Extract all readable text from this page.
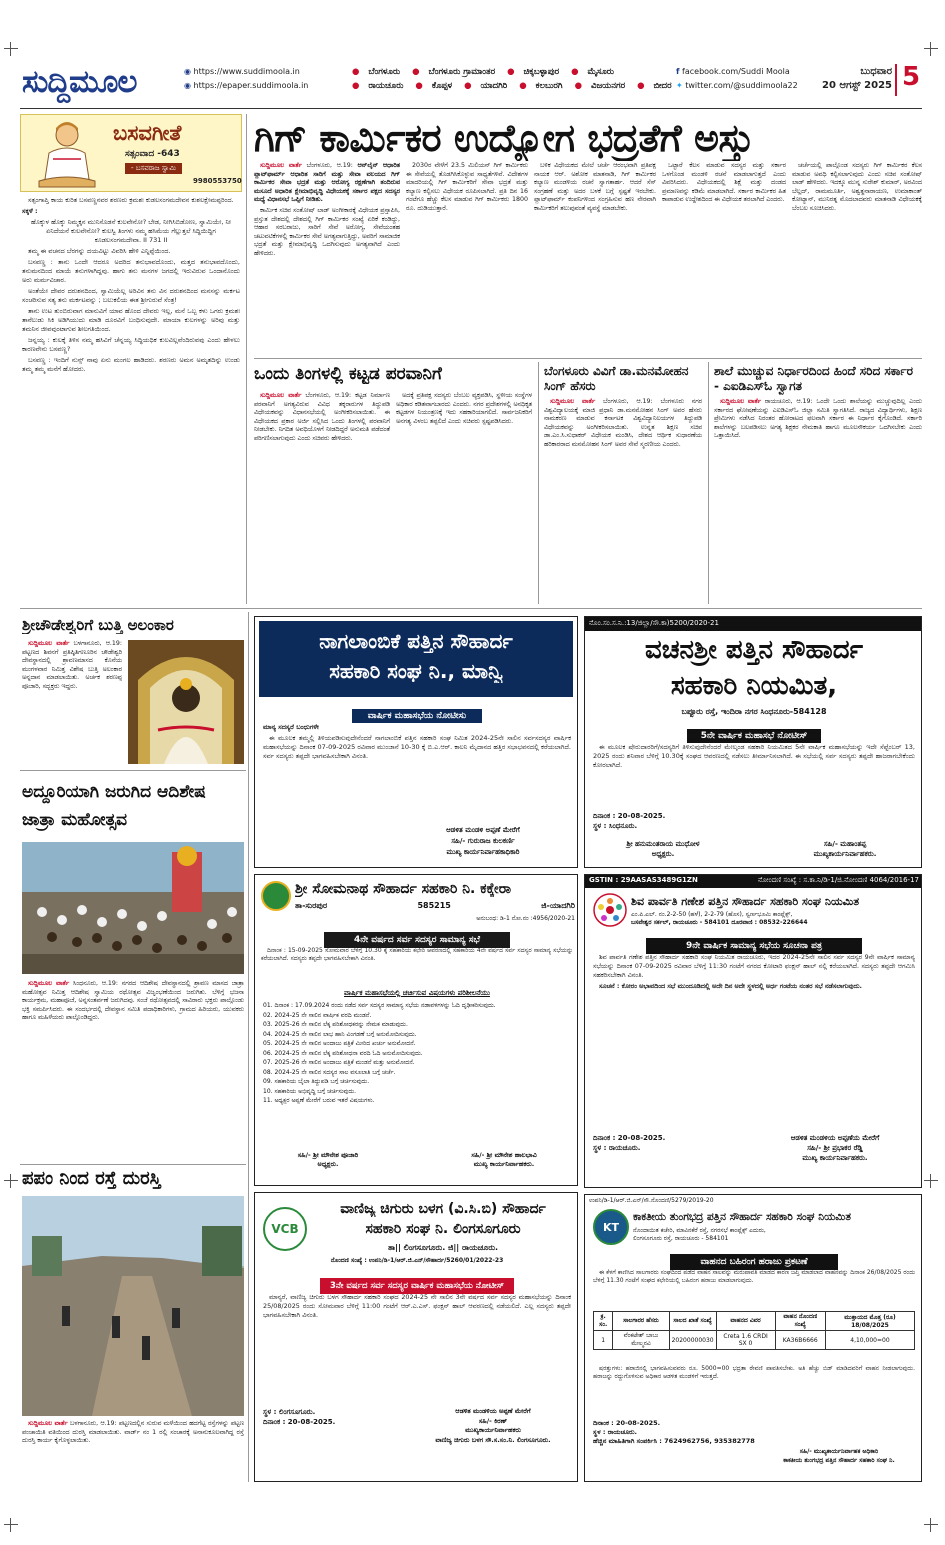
ಸುದ್ದಿಮೂಲ	◉ https://www.suddimoola.in
◉ https://epaper.suddimoola.in
● ಬೆಂಗಳೂರು ● ಬೆಂಗಳೂರು ಗ್ರಾಮಾಂತರ ● ಚಿಕ್ಕಬಳ್ಳಾಪುರ ● ಮೈಸೂರು
● ರಾಯಚೂರು ● ಕೊಪ್ಪಳ ● ಯಾದಗಿರಿ ● ಕಲಬುರಗಿ ● ವಿಜಯನಗರ ● ಬೀದರ
f facebook.com/Suddi Moola
✦ twitter.com/@suddimoola22
ಬುಧವಾರ
20 ಆಗಸ್ಟ್ 2025 5
ಬಸವಗೀತೆ
ಸತ್ಸಂವಾದ -643
- ಬಸವರಾಜ ಸ್ವಾಮಿ
9980553750

ಸತ್ಸಂಗಾಪ್ತಿ ಕಾಯ ಕುರಿತ ಬಸವಣ್ಣನವರ ಶರಣರು ಕ್ರಮಶಃ ಕುಡಲಸಂಗಮದೇವನ ಕುಶಲಕ್ಷೇಮಪ್ಪರಿಂದ.

ಸಕ್ಕಳೆ :

ಹೊಕ್ಕುಳ ಹೊಕ್ಕು ನಿಮ್ಮಕ್ಕನ ಮುನಿಸೊಡನೆ ಕುಲವೇನೋ? ಬೇಡ, ನೀಗಿಸಿಬಿಡೋಣ, ಸ್ವಾಮಿಯೇ, ನೀ ಏನಿದೆಯನೆ ಕುಲವೇನೋ? ಕುಲಸ್ವಿ ತಿಂಗಳು ನಮ್ಮ ಹಸಿಮೆಯ ಗೆಲ್ಲುತ್ತಲೆ ಸಿದ್ಧಿಯಿದ್ಧಿಗ ಕೂಡಲಸಂಗಮದೇವಾ. II 731 II

ತಮ್ಮ ಈ ವಚನದ ಬೆರಗನ್ನು ದಯವಿಟ್ಟು ವಿವರಿಸಿ ಹೇಳಿ ಎನ್ನಿಪ್ಪೆಯಿಂದ.

ಬಸವಣ್ಣ : ತಾನು ಒಂದೇ ಆದರೂ ಅದರಿದ ತನುಭಾವದೊಂದು, ಮತ್ತದ ತನುಭಾವದೊಂದು, ತನುಮನದಿಂದ ಮಾಯೆ ತನುಗಳಾಗಿದ್ದವು. ಹಾಗು ತನು ಮನಗಳ ಜಗದಲ್ಲಿ ಇರುವಿರುವ ಒಂದಾನೊಂದು ಅರು ಮರ್ಮವಿಚಾರ.

ಅಂತೆಯೇ ದೇವರ ದರುಶನದಿಂದ, ಸ್ವಾಮಿಯೆಲ್ಲ ಅರಿವಿನ ತನು ವಿನ ದರುಶನದಿಂದ ಮನಸನ್ನು ಮರ್ಕಟ ಸಂಚರಿಸುವ ಸತ್ಯ ತನು ಮರ್ಕಟವನ್ನು ; ಬಲುಕಲಿಯ ಈತ ಶ್ರೀಗುರುವೆ ಸೆಂತ್ರ!

ತಾನು ಉಟ ತುಂಬಿರುವಾಗ ಮಾನುವಿಗೆ ಯಾವ ಹೊಂದ ದೇವರು ಇಲ್ಲ, ಮನೆ ಒಬ್ಬ ಕಳು ಒಗರು ಕ್ರಮಶಃ ತಾನೆಲುಡು ಸಿಕಿ ಅಡಿಗಿಯುದು ಮಾಡಿ ದೂರವಿಗೆ ಬಂಧಿಸುವುದೇ. ಮಾಯಾ ಕುಲಗಳನ್ನು ಅರಿವು ಮತ್ತು ತಮನಿನ ಜೀವವುಂಟಾಗುವ ಶೀಲಗತಿಯಿಂದ.

ಜನ್ನಯ್ಯ : ಕುಲಕ್ಕೆ ತಿಳಿಸ ನಮ್ಮ ಹಸಿವಿಗೆ ಚೆನ್ನಯ್ಯ ಸಿದ್ಧಿಯಧಿಕ ಕುಲವಿಲ್ಲವೆಂದಿರುವವು ಎಂದು ಹೇಳಲು ಕಾರಣವೇನು ಬಸವಣ್ಣ?

ಬಸವಣ್ಣ : ಇಂದಿಗೆ ನುಸ್ಸ್ ನಾವು ಏನು ಮಂಗಲ ಹಾಡಿದರು. ಶರಣರು ಅಮನ ಅಮೃತದಿನ್ನು ಉಂಡು ತಮ್ಮ ತಮ್ಮ ಮನೆಗೆ ಹೋದರು.

ಗಿಗ್ ಕಾರ್ಮಿಕರ ಉದ್ಯೋಗ ಭದ್ರತೆಗೆ ಅಸ್ತು

ಸುದ್ದಿಮೂಲ ವಾರ್ತೆ ಬೆಂಗಳೂರು, ಆ.19: ಆನ್‌ಲೈನ್ ಆಧಾರಿತ ಪ್ಲಾಟ್‌ಫಾರ್ಮ್ ಆಧಾರಿತ ಸಾರಿಗೆ ಮತ್ತು ಸೇವಾ ವಲಯದ ಗಿಗ್ ಕಾರ್ಮಿಕರ ಸೇವಾ ಭದ್ರತೆ ಮತ್ತು ಆರೋಗ್ಯ ರಕ್ಷಣೆಗಾಗಿ ತಂದಿರುವ ಮಸೂದೆ ಅಧಾರಿತ ಕ್ಷೇಮಾಭಿವೃದ್ಧಿ ವಿಧೇಯಕಕ್ಕೆ ಸರ್ಕಾರ ಪಕ್ಷದ ಸದಸ್ಯರ ಮಧ್ಯೆ ವಿಧಾನಸಭೆ ಒಪ್ಪಿಗೆ ನೀಡಿತು.

ಕಾರ್ಮಿಕ ಸಚಿವ ಸಂತೋಷ್ ಲಾಡ್ ಅಂಗೀಕಾರಕ್ಕೆ ವಿಧೇಯಕ ಪ್ರಸ್ತಾಪಿಸಿ, ಪ್ರಸ್ತುತ ದೇಶದಲ್ಲಿ ದೇಶದಲ್ಲಿ ಗಿಗ್ ಕಾರ್ಮಿಕರ ಸಂಖ್ಯೆ ಏರಿಕೆ ಕಂಡಿದ್ದು, ಆಹಾರ ಸರಬರಾಜು, ಸಾರಿಗೆ ಸೇವೆ ಅರೋಗ್ಯ, ಸೇವೆಯಂತಹ ಚಟುವಟಿಕೆಗಳಲ್ಲಿ ಕಾರ್ಮಿಕರ ಸೇವೆ ಅಗತ್ಯವಾಗುತ್ತಿದ್ದು, ಅವರಿಗೆ ಸಾಮಾಜಿಕ ಭದ್ರತೆ ಮತ್ತು ಕ್ಷೇಮಾಭಿವೃದ್ಧಿ ಒದಗಿಸುವುದು ಅಗತ್ಯವಾಗಿದೆ ಎಂದು ಹೇಳಿದರು.

2030ರ ವೇಳೆಗೆ 23.5 ಮಿಲಿಯನ್ ಗಿಗ್ ಕಾರ್ಮಿಕರು ಈ ಸೇವೆಯಲ್ಲಿ ತೊಡಗಿಸಿಕೊಳ್ಳುವ ಸಾಧ್ಯತೆಗಳಿವೆ. ವಿದೇಶಗಳ ಮಾದರಿಯಲ್ಲಿ ಗಿಗ್ ಕಾರ್ಮಿಕರಿಗೆ ಸೇವಾ ಭದ್ರತೆ ಮತ್ತು ಕಲ್ಯಾಣ ಕಲ್ಪಿಸಲು ವಿಧೇಯಕ ರೂಪಿಸಲಾಗಿದೆ. ಪ್ರತಿ ದಿನ 16 ಗಂಟೆಗೂ ಹೆಚ್ಚು ಕೆಲಸ ಮಾಡುವ ಗಿಗ್ ಕಾರ್ಮಿಕರು 1800 ರೂ. ದುಡಿಯುತ್ತಾರೆ.

ಬಳಿಕ ವಿಧೇಯಕದ ಮೇಲೆ ಚರ್ಚೆ ಆರಂಭವಾಗಿ ಪ್ರತಿಪಕ್ಷ ನಾಯಕ ಆರ್. ಅಶೋಕ ಮಾತನಾಡಿ, ಗಿಗ್ ಕಾರ್ಮಿಕರ ಕಲ್ಯಾಣ ಮಂಡಳಿಯ ರಚನೆ ಸ್ವಾಗತಾರ್ಹ. ಆದರೆ ಸೆಸ್ ಸಂಗ್ರಹಣೆ ಮತ್ತು ಅದರ ಬಳಕೆ ಬಗ್ಗೆ ಸ್ಪಷ್ಟತೆ ಇರಬೇಕು. ಪ್ಲಾಟ್‌ಫಾರ್ಮ್ ಕಂಪನಿಗಳಿಂದ ಸಂಗ್ರಹಿಸುವ ಹಣ ನೇರವಾಗಿ ಕಾರ್ಮಿಕರಿಗೆ ತಲುಪುವಂತೆ ವ್ಯವಸ್ಥೆ ಮಾಡಬೇಕು.

ಒಟ್ಟಾರೆ ಕೆಲಸ ಮಾಡುವ ಸದಸ್ಯರ ಮತ್ತು ಸರ್ಕಾರ ಒಳಗೊಂಡ ಮಂಡಳಿ ರಚನೆ ಮಾಡಲಾಗುತ್ತದೆ ಎಂದು ವಿವರಿಸಿದರು. ವಿಧೇಯಕದಲ್ಲಿ ಶಿಕ್ಷೆ ಮತ್ತು ದಂಡದ ಪ್ರಮಾಣವನ್ನು ಕಡಿಮೆ ಮಾಡಲಾಗಿದೆ. ಸರ್ಕಾರ ಕಾರ್ಮಿಕರ ಹಿತ ಕಾಪಾಡುವ ಉದ್ದೇಶದಿಂದ ಈ ವಿಧೇಯಕ ತರಲಾಗಿದೆ ಎಂದರು.

ಚರ್ಚೆಯಲ್ಲಿ ಪಾಲ್ಗೊಂಡ ಸದಸ್ಯರು ಗಿಗ್ ಕಾರ್ಮಿಕರ ಕೆಲಸ ಮಾಡುವ ಅವಧಿ ಕಲ್ಪಿಸಲಾಗುವುದು ಎಂದು ಸಚಿವ ಸಂತೋಷ್ ಲಾಡ್ ಹೇಳಿದರು. ಇದಕ್ಕೂ ಮುನ್ನ ಸುರೇಶ್ ಕುಮಾರ್, ಅರವಿಂದ ಬೆಲ್ಲದ್, ರಾಮಮೂರ್ತಿ, ಅಶ್ವತ್ಥನಾರಾಯಣ, ಉಮಾಕಾಂತ್ ಕೋಟ್ಯಾನ್, ಮುನಿರತ್ನ ಮೊದಲಾದವರು ಮಾತನಾಡಿ ವಿಧೇಯಕಕ್ಕೆ ಬೆಂಬಲ ಸೂಚಿಸಿದರು.

ಒಂದು ತಿಂಗಳಲ್ಲಿ ಕಟ್ಟಡ ಪರವಾನಿಗೆ

ಸುದ್ದಿಮೂಲ ವಾರ್ತೆ ಬೆಂಗಳೂರು, ಆ.19: ಕಟ್ಟಡ ನಿರ್ಮಾಣ ಪರವಾನಿಗೆ ಅಗತ್ಯವಿರುವ ವಿವಿಧ ತಕ್ಕರಾರುಗಳ ತಿದ್ದುಪಡಿ ವಿಧೇಯಕವನ್ನು ವಿಧಾನಸಭೆಯಲ್ಲಿ ಅಂಗೀಕರಿಸಲಾಯಿತು. ಈ ವಿಧೇಯಕದ ಪ್ರಕಾರ ಅರ್ಜಿ ಸಲ್ಲಿಸಿದ ಒಂದು ತಿಂಗಳಲ್ಲಿ ಪರವಾನಿಗೆ ನೀಡಬೇಕು. ನಿಗದಿತ ಅವಧಿಯೊಳಗೆ ನೀಡದಿದ್ದರೆ ಅನುಮತಿ ಪಡೆದಂತೆ ಪರಿಗಣಿಸಲಾಗುವುದು ಎಂದು ಸಚಿವರು ಹೇಳಿದರು.

ಅದಕ್ಕೆ ಪ್ರತಿಪಕ್ಷ ಸದಸ್ಯರು ಬೆಂಬಲ ವ್ಯಕ್ತಪಡಿಸಿ, ಸ್ಥಳೀಯ ಸಂಸ್ಥೆಗಳ ಅಧಿಕಾರ ಕಡಿತವಾಗಬಾರದು ಎಂದರು. ನಗರ ಪ್ರದೇಶಗಳಲ್ಲಿ ಅನಧಿಕೃತ ಕಟ್ಟಡಗಳ ನಿಯಂತ್ರಣಕ್ಕೆ ಇದು ಸಹಕಾರಿಯಾಗಲಿದೆ. ಸಾರ್ವಜನಿಕರಿಗೆ ಅನಗತ್ಯ ವಿಳಂಬ ತಪ್ಪಲಿದೆ ಎಂದು ಸಚಿವರು ಸ್ಪಷ್ಟಪಡಿಸಿದರು.

ಬೆಂಗಳೂರು ವಿವಿಗೆ ಡಾ.ಮನಮೋಹನ ಸಿಂಗ್ ಹೆಸರು

ಸುದ್ದಿಮೂಲ ವಾರ್ತೆ ಬೆಂಗಳೂರು, ಆ.19: ಬೆಂಗಳೂರು ನಗರ ವಿಶ್ವವಿದ್ಯಾಲಯಕ್ಕೆ ಮಾಜಿ ಪ್ರಧಾನಿ ಡಾ.ಮನಮೋಹನ ಸಿಂಗ್ ಅವರ ಹೆಸರು ನಾಮಕರಣ ಮಾಡುವ ಕರ್ನಾಟಕ ವಿಶ್ವವಿದ್ಯಾನಿಲಯಗಳ ತಿದ್ದುಪಡಿ ವಿಧೇಯಕವನ್ನು ಅಂಗೀಕರಿಸಲಾಯಿತು. ಉನ್ನತ ಶಿಕ್ಷಣ ಸಚಿವ ಡಾ.ಎಂ.ಸಿ.ಸುಧಾಕರ್ ವಿಧೇಯಕ ಮಂಡಿಸಿ, ದೇಶದ ಆರ್ಥಿಕ ಸುಧಾರಣೆಯ ಹರಿಕಾರರಾದ ಮನಮೋಹನ ಸಿಂಗ್ ಅವರ ಸೇವೆ ಸ್ಮರಣೀಯ ಎಂದರು.

ಶಾಲೆ ಮುಚ್ಚುವ ನಿರ್ಧಾರದಿಂದ ಹಿಂದೆ ಸರಿದ ಸರ್ಕಾರ - ಎಐಡಿಎಸ್‌ಓ ಸ್ವಾಗತ

ಸುದ್ದಿಮೂಲ ವಾರ್ತೆ ರಾಯಚೂರು, ಆ.19: ಒಂದೇ ಒಂದು ಶಾಲೆಯನ್ನು ಮುಚ್ಚುವುದಿಲ್ಲ ಎಂದು ಸರ್ಕಾರದ ಘೋಷಣೆಯನ್ನು ಎಐಡಿಎಸ್‌ಓ ಜಿಲ್ಲಾ ಸಮಿತಿ ಸ್ವಾಗತಿಸಿದೆ. ರಾಜ್ಯದ ವಿದ್ಯಾರ್ಥಿಗಳು, ಶಿಕ್ಷಣ ಪ್ರೇಮಿಗಳು ನಡೆಸಿದ ನಿರಂತರ ಹೋರಾಟದ ಫಲವಾಗಿ ಸರ್ಕಾರ ಈ ನಿರ್ಧಾರ ಕೈಗೊಂಡಿದೆ. ಸರ್ಕಾರಿ ಶಾಲೆಗಳನ್ನು ಬಲಪಡಿಸಲು ಅಗತ್ಯ ಶಿಕ್ಷಕರ ನೇಮಕಾತಿ ಹಾಗೂ ಮೂಲಸೌಕರ್ಯ ಒದಗಿಸಬೇಕು ಎಂದು ಒತ್ತಾಯಿಸಿದೆ.

ಶ್ರೀಚೌಡೇಶ್ವರಿಗೆ ಬುತ್ತಿ ಅಲಂಕಾರ

ಸುದ್ದಿಮೂಲ ವಾರ್ತೆ ಬಳಗಾನೂರು, ಆ.19: ಪಟ್ಟಣದ ಶಿವನಗೆ ಪ್ರತಿಷ್ಠಿತಿಗಣೂರಿನ ಚೌಡೇಶ್ವರಿ ದೇವಸ್ಥಾನದಲ್ಲಿ ಶ್ರಾವಣಮಾಸದ ಕೊನೆಯ ಮಂಗಳವಾರ ನಿಮಿತ್ತ ವಿಶೇಷ ಬುತ್ತಿ ಅಲಂಕಾರ ಅನ್ನದಾನ ಮಾಡಲಾಯಿತು. ಅರ್ಚಕ ಶರಣಪ್ಪ ಪೂಜಾರಿ, ಸದ್ಭಕ್ತರು ಇದ್ದರು.

ಅದ್ದೂರಿಯಾಗಿ ಜರುಗಿದ ಆದಿಶೇಷ ಜಾತ್ರಾ ಮಹೋತ್ಸವ

ಸುದ್ದಿಮೂಲ ವಾರ್ತೆ ಸಿಂಧನೂರು, ಆ.19: ನಗರದ ಆದಿಶೇಷ ದೇವಸ್ಥಾನದಲ್ಲಿ ಶ್ರಾವಣ ಮಾಸದ ಜಾತ್ರಾ ಮಹೋತ್ಸವ ನಿಮಿತ್ತ ಆದಿಶೇಷ ಸ್ವಾಮಿಯ ರಥೋತ್ಸವ ವಿಜೃಂಭಣೆಯಿಂದ ಜರುಗಿತು. ಬೆಳಿಗ್ಗೆ ಭಜನಾ ಕಾರ್ಯಕ್ರಮ, ಮಹಾಪೂಜೆ, ಅನ್ನಸಂತರ್ಪಣೆ ಜರುಗಿದವು. ಸಂಜೆ ರಥೋತ್ಸವದಲ್ಲಿ ಸಾವಿರಾರು ಭಕ್ತರು ಪಾಲ್ಗೊಂಡು ಭಕ್ತಿ ಸಮರ್ಪಿಸಿದರು. ಈ ಸಂದರ್ಭದಲ್ಲಿ ದೇವಸ್ಥಾನ ಸಮಿತಿ ಪದಾಧಿಕಾರಿಗಳು, ಗ್ರಾಮದ ಹಿರಿಯರು, ಯುವಕರು ಹಾಗೂ ಮಹಿಳೆಯರು ಪಾಲ್ಗೊಂಡಿದ್ದರು.

ಪಪಂ ನಿಂದ ರಸ್ತೆ ದುರಸ್ತಿ

ಸುದ್ದಿಮೂಲ ವಾರ್ತೆ ಬಳಗಾನೂರು, ಆ.19: ಪಟ್ಟಣದಲ್ಲಿನ ಸುರುವ ಮಳೆಯಿಂದ ಹದಗೆಟ್ಟ ರಸ್ತೆಗಳನ್ನು ಪಟ್ಟಣ ಪಂಚಾಯಿತಿ ವತಿಯಿಂದ ದುರಸ್ತಿ ಮಾಡಲಾಯಿತು. ವಾರ್ಡ್ ನಂ 1 ರಲ್ಲಿ ಸಂಚಾರಕ್ಕೆ ಅನಾನುಕೂಲವಾಗಿದ್ದ ರಸ್ತೆ ದುರಸ್ತಿ ಕಾರ್ಯ ಕೈಗೊಳ್ಳಲಾಯಿತು.

ನಾಗಲಾಂಬಿಕೆ ಪತ್ತಿನ ಸೌಹಾರ್ದ
ಸಹಕಾರಿ ಸಂಘ ನಿ., ಮಾನ್ವಿ
ವಾರ್ಷಿಕ ಮಹಾಸಭೆಯ ನೋಟೀಸು

ಮಾನ್ಯ ಸದಸ್ಯರೆ ಬಂಧುಗಳೇ

ಈ ಮೂಲಕ ತಮ್ಮಲ್ಲಿ ತಿಳಿಯಪಡಿಸುವುದೇನೆಂದರೆ ನಾಗಲಾಂಬಿಕೆ ಪತ್ತಿನ ಸಹಕಾರಿ ಸಂಘ ನಿಮಿತ 2024-25ನೇ ಸಾಲಿನ ಸರ್ವಸದಸ್ಯರ ವಾರ್ಷಿಕ ಮಹಾಸಭೆಯನ್ನು ದಿನಾಂಕ 07-09-2025 ರವಿವಾರ ಮುಂಜಾನೆ 10-30 ಕ್ಕೆ ಬಿ.ಎ.ಆರ್. ಕಾಲನಿ ಮೈದಾನದ ಹತ್ತಿರ ಸಭಾಭವನದಲ್ಲಿ ಕರೆಯಲಾಗಿದೆ. ಸರ್ವ ಸದಸ್ಯರು ತಪ್ಪದೇ ಭಾಗವಹಿಸಬೇಕಾಗಿ ವಿನಂತಿ.

ಆಡಳಿತ ಮಂಡಳಿ ಅಪ್ಪಣೆ ಮೇರೆಗೆ
ಸಹಿ/- ಗುರುರಾಜ ಕುಲಕರ್ಣಿ
ಮುಖ್ಯ ಕಾರ್ಯನಿರ್ವಾಹಕಾಧಿಕಾರಿ
ನೊಂ.ಸಂ.ಸ.ನಿ.:13/ಜಿಲ್ಲಾ/ಸೌ.ಕಾ)5200/2020-21
ವಚನಶ್ರೀ ಪತ್ತಿನ ಸೌಹಾರ್ದ
ಸಹಕಾರಿ ನಿಯಮಿತ,
ಬಪ್ಪೂರು ರಸ್ತೆ, ಇಂದಿರಾ ನಗರ ಸಿಂಧನೂರು-584128
5ನೇ ವಾರ್ಷಿಕ ಮಹಾಸಭೆ ನೋಟೀಸ್

ಈ ಮೂಲಕ ಷೇರುದಾರರಿಗೆ/ಸದಸ್ಯರಿಗೆ ತಿಳಿಸುವುದೇನೆಂದರೆ ಮೇಲ್ಕಂಡ ಸಹಕಾರಿ ನಿಯಮಿತದ 5ನೇ ವಾರ್ಷಿಕ ಮಹಾಸಭೆಯನ್ನು ಇದೇ ಸೆಪ್ಟೆಂಬರ್ 13, 2025 ರಂದು ಶನಿವಾರ ಬೆಳಿಗ್ಗೆ 10.30ಕ್ಕೆ ಸಂಘದ ಆವರಣದಲ್ಲಿ ನಡೆಸಲು ತೀರ್ಮಾನಿಸಲಾಗಿದೆ. ಈ ಸಭೆಯಲ್ಲಿ ಸರ್ವ ಸದಸ್ಯರು ತಪ್ಪದೇ ಹಾಜರಾಗಬೇಕೆಂದು ಕೋರಲಾಗಿದೆ.

ದಿನಾಂಕ : 20-08-2025.
ಸ್ಥಳ : ಸಿಂಧನೂರು.
ಶ್ರೀ ಹನುಮಂತರಾಯ ಮುಧೋಳ
ಅಧ್ಯಕ್ಷರು.
ಸಹಿ/- ಮಹಾಂತಪ್ಪ
ಮುಖ್ಯಕಾರ್ಯನಿರ್ವಾಹಕರು.
ಶ್ರೀ ಸೋಮನಾಥ ಸೌಹಾರ್ದ ಸಹಕಾರಿ ನಿ. ಕಕ್ಕೇರಾ
ತಾ-ಸುರಪುರ	585215	ಜಿ-ಯಾದಗಿರಿ
ಅನುಬಂಧ: ಡಿ-1 ನೋ.ನಂ :4956/2020-21
4ನೇ ವರ್ಷದ ಸರ್ವ ಸದಸ್ಯರ ಸಾಮಾನ್ಯ ಸಭೆ

ದಿನಾಂಕ : 15-09-2025 ಸೋಮವಾರ ಬೆಳಿಗ್ಗೆ 10.30 ಕ್ಕೆ ಸಹಕಾರಿಯ ಕಛೇರಿ ಆವರಣದಲ್ಲಿ ಸಹಕಾರಿಯ 4ನೇ ವರ್ಷದ ಸರ್ವ ಸದಸ್ಯರ ಸಾಮಾನ್ಯ ಸಭೆಯನ್ನು ಕರೆಯಲಾಗಿದೆ. ಸದಸ್ಯರು ತಪ್ಪದೇ ಭಾಗವಹಿಸಬೇಕಾಗಿ ವಿನಂತಿ.

ವಾರ್ಷಿಕ ಮಹಾಸಭೆಯಲ್ಲಿ ಚರ್ಚಿಸುವ ವಿಷಯಗಳು ಪರಿಶೀಲನೆಯು
01. ದಿನಾಂಕ : 17.09.2024 ರಂದು ನಡೆದ ಸರ್ವ ಸದಸ್ಯರ ಸಾಮಾನ್ಯ ಸಭೆಯ ನಡಾವಳಿಗಳನ್ನು ಓದಿ ದೃಢೀಕರಿಸುವುದು.
02. 2024-25 ನೇ ಸಾಲಿನ ವಾರ್ಷಿಕ ವರದಿ ಮಂಡನೆ.
03. 2025-26 ನೇ ಸಾಲಿನ ಲೆಕ್ಕ ಪರಿಶೋಧಕರನ್ನು ನೇಮಕ ಮಾಡುವುದು.
04. 2024-25 ನೇ ಸಾಲಿನ ಲಾಭ ಹಾನಿ ವಿಂಗಡಣೆ ಬಗ್ಗೆ ಅನುಮೋದಿಸುವುದು.
05. 2024-25 ನೇ ಸಾಲಿನ ಅಂದಾಜು ಪತ್ರಿಕೆ ಮೀರಿದ ಖರ್ಚು ಅನುಮೋದನೆ.
06. 2024-25 ನೇ ಸಾಲಿನ ಲೆಕ್ಕ ಪರಿಶೋಧನಾ ವರದಿ ಓದಿ ಅನುಮೋದಿಸುವುದು.
07. 2025-26 ನೇ ಸಾಲಿನ ಅಂದಾಜು ಪತ್ರಿಕೆ ಮಂಡನೆ ಮತ್ತು ಅನುಮೋದನೆ.
08. 2024-25 ನೇ ಸಾಲಿನ ಸದಸ್ಯರ ಸಾಲ ವಸೂಲಾತಿ ಬಗ್ಗೆ ಚರ್ಚೆ.
09. ಸಹಕಾರಿಯ ಬೈಲಾ ತಿದ್ದುಪಡಿ ಬಗ್ಗೆ ಚರ್ಚಿಸುವುದು.
10. ಸಹಕಾರಿಯ ಅಭಿವೃದ್ಧಿ ಬಗ್ಗೆ ಚರ್ಚಿಸುವುದು.
11. ಅಧ್ಯಕ್ಷರ ಅಪ್ಪಣೆ ಮೇರೆಗೆ ಬರುವ ಇತರೆ ವಿಷಯಗಳು.
ಸಹಿ/- ಶ್ರೀ ಮೌನೇಶ ಪೂಜಾರಿ
ಅಧ್ಯಕ್ಷರು.
ಸಹಿ/- ಶ್ರೀ ಮೌನೇಶ ಹಾಲಭಾವಿ
ಮುಖ್ಯ ಕಾರ್ಯನಿರ್ವಾಹಕರು.
GSTIN : 29AASAS3489G1ZN	ನೋಂದಣಿ ಸಂಖ್ಯೆ : ಸ.ಕಾ.ನಿ/ಡಿ-1/ಜಿ.ನೋಂದಣಿ 4064/2016-17
ಶಿವ ಪಾರ್ವತಿ ಗಣೇಶ ಪತ್ತಿನ ಸೌಹಾರ್ದ ಸಹಕಾರಿ ಸಂಘ ನಿಯಮಿತ
ಎಂ.ಪಿ.ಎಲ್. ನಂ.2-2-50 (ಹಳೆ), 2-2-79 (ಹೊಸ), ಸ್ವರ್ಣಭೂಮಿ ಕಾಂಪ್ಲೆಕ್ಸ್,
ಬಸವೇಶ್ವರ ಸರ್ಕಲ್, ರಾಯಚೂರು - 584101 ದೂರವಾಣಿ : 08532-226644
9ನೇ ವಾರ್ಷಿಕ ಸಾಮಾನ್ಯ ಸಭೆಯ ಸೂಚನಾ ಪತ್ರ

ಶಿವ ಪಾರ್ವತಿ ಗಣೇಶ ಪತ್ತಿನ ಸೌಹಾರ್ದ ಸಹಕಾರಿ ಸಂಘ ನಿಯಮಿತ ರಾಯಚೂರು, ಇದರ 2024-25ನೇ ಸಾಲಿನ ಸರ್ವ ಸದಸ್ಯರ 9ನೇ ವಾರ್ಷಿಕ ಸಾಮಾನ್ಯ ಸಭೆಯನ್ನು ದಿನಾಂಕ 07-09-2025 ರವಿವಾರ ಬೆಳಿಗ್ಗೆ 11:30 ಗಂಟೆಗೆ ನಗರದ ಕೋಟಾರಿ ಫಂಕ್ಷನ್ ಹಾಲ್ ನಲ್ಲಿ ಕರೆಯಲಾಗಿದೆ. ಸದಸ್ಯರು ತಪ್ಪದೇ ಆಗಮಿಸಿ ಸಹಕರಿಸಬೇಕಾಗಿ ವಿನಂತಿ.

ಸೂಚನೆ : ಕೋರಂ ಅಭಾವದಿಂದ ಸಭೆ ಮುಂದೂಡಿದಲ್ಲಿ ಅದೇ ದಿನ ಅದೇ ಸ್ಥಳದಲ್ಲಿ ಅರ್ಧ ಗಂಟೆಯ ನಂತರ ಸಭೆ ನಡೆಸಲಾಗುವುದು.

ದಿನಾಂಕ : 20-08-2025.
ಸ್ಥಳ : ರಾಯಚೂರು.
ಆಡಳಿತ ಮಂಡಳಿಯ ಅಪ್ಪಣೆಯ ಮೇರೆಗೆ
ಸಹಿ/- ಶ್ರೀ ಪ್ರಭಾಕರ ರೆಡ್ಡಿ
ಮುಖ್ಯ ಕಾರ್ಯನಿರ್ವಾಹಕರು.
VCB
ವಾಣಿಜ್ಯ ಚಿಗುರು ಬಳಗ (ವಿ.ಸಿ.ಬಿ) ಸೌಹಾರ್ದ
ಸಹಕಾರಿ ಸಂಘ ನಿ. ಲಿಂಗಸೂಗೂರು
ತಾ|| ಲಿಂಗಸೂಗೂರು. ಜಿ|| ರಾಯಚೂರು.
ನೊಂದಣಿ ಸಂಖ್ಯೆ : ಉಪನಿ/ಡಿ-1/ಆರ್.ಜಿ.ಎನ್/ಸೌಹಾರ್ದ/5260/01/2022-23
3ನೇ ವರ್ಷದ ಸರ್ವ ಸದಸ್ಯರ ವಾರ್ಷಿಕ ಮಹಾಸಭೆಯ ನೋಟೀಸ್

ಮಾನ್ಯರೆ, ವಾಣಿಜ್ಯ ಚಿಗುರು ಬಳಗ ಸೌಹಾರ್ದ ಸಹಕಾರಿ ಸಂಘದ 2024-25 ನೇ ಸಾಲಿನ 3ನೇ ವರ್ಷದ ಸರ್ವ ಸದಸ್ಯರ ಮಹಾಸಭೆಯನ್ನು ದಿನಾಂಕ 25/08/2025 ರಂದು ಸೋಮವಾರ ಬೆಳಿಗ್ಗೆ 11:00 ಗಂಟೆಗೆ ಆರ್.ಎ.ಎಸ್. ಫಂಕ್ಷನ್ ಹಾಲ್ ಆವರಣದಲ್ಲಿ ನಡೆಯಲಿದೆ. ಎಲ್ಲ ಸದಸ್ಯರು ತಪ್ಪದೇ ಭಾಗವಹಿಸಬೇಕಾಗಿ ವಿನಂತಿ.

ಸ್ಥಳ : ಲಿಂಗಸೂಗೂರು.
ದಿನಾಂಕ : 20-08-2025.
ಆಡಳಿತ ಮಂಡಳಿಯ ಅಪ್ಪಣೆ ಮೇರೆಗೆ
ಸಹಿ/- ಕಿರಣ್
ಮುಖ್ಯಕಾರ್ಯನಿರ್ವಾಹಕರು
ವಾಣಿಜ್ಯ ಚಿಗುರು ಬಳಗ ಸೌ.ಸ.ಸಂ.ನಿ. ಲಿಂಗಸೂಗೂರು.
ಉಪನಿ/ಡಿ-1/ಆರ್.ಜಿ.ಎನ್/ಸೌ.ನೊಂದಣಿ/5279/2019-20
KT
ಕಾಕತೀಯ ತುಂಗಭದ್ರ ಪತ್ತಿನ ಸೌಹಾರ್ದ ಸಹಕಾರಿ ಸಂಘ ನಿಯಮಿತ
ನೊಂದಾಯಿತ ಕಚೇರಿ, ಮಾವಿನಕೆರೆ ರಸ್ತೆ, ನಗರಸಭೆ ಕಾಂಪ್ಲೆಕ್ಸ್ ಎದುರು,
ಲಿಂಗಸೂಗೂರು ರಸ್ತೆ, ರಾಯಚೂರು - 584101
ವಾಹನದ ಬಹಿರಂಗ ಹರಾಜು ಪ್ರಕಟಣೆ

ಈ ಕೆಳಗೆ ಕಾಣಿಸಿದ ಸಾಲಗಾರರು ಸಂಘದಿಂದ ಪಡೆದ ವಾಹನ ಸಾಲವನ್ನು ಮರುಪಾವತಿ ಮಾಡದ ಕಾರಣ ಜಪ್ತಿ ಮಾಡಲಾದ ವಾಹನವನ್ನು ದಿನಾಂಕ 26/08/2025 ರಂದು ಬೆಳಿಗ್ಗೆ 11.30 ಗಂಟೆಗೆ ಸಂಘದ ಕಛೇರಿಯಲ್ಲಿ ಬಹಿರಂಗ ಹರಾಜು ಮಾಡಲಾಗುವುದು.

ಕ್ರ. ಸಂ.	ಸಾಲಗಾರರ ಹೆಸರು	ಸಾಲದ ಖಾತೆ ಸಂಖ್ಯೆ	ವಾಹನದ ವಿವರ	ವಾಹನ ನೊಂದಣಿ ಸಂಖ್ಯೆ	ಮುಕ್ತಾಯದ ಮೊತ್ತ (ರೂ) 18/08/2025
1	ವೆಂಕಟೇಶ್ ಬಾಬು ಮೇಲ್ಮನವಿ	20200000030	Creta 1.6 CRDI SX 0	KA36B6666	4,10,000=00

ಷರತ್ತುಗಳು: ಹರಾಜಿನಲ್ಲಿ ಭಾಗವಹಿಸುವವರು ರೂ. 5000=00 ಭದ್ರತಾ ಠೇವಣಿ ಪಾವತಿಸಬೇಕು. ಅತಿ ಹೆಚ್ಚು ಬಿಡ್ ಮಾಡಿದವರಿಗೆ ವಾಹನ ನೀಡಲಾಗುವುದು. ಹರಾಜನ್ನು ರದ್ದುಗೊಳಿಸುವ ಅಧಿಕಾರ ಆಡಳಿತ ಮಂಡಳಿಗೆ ಇರುತ್ತದೆ.

ದಿನಾಂಕ : 20-08-2025.
ಸ್ಥಳ : ರಾಯಚೂರು.
ಹೆಚ್ಚಿನ ಮಾಹಿತಿಗಾಗಿ ಸಂಪರ್ಕಿಸಿ : 7624962756, 935382778
ಸಹಿ/- ಮುಖ್ಯಕಾರ್ಯನಿರ್ವಾಹಕ ಅಧಿಕಾರಿ
ಕಾಕತೀಯ ತುಂಗಭದ್ರ ಪತ್ತಿನ ಸೌಹಾರ್ದ ಸಹಕಾರಿ ಸಂಘ ನಿ.
